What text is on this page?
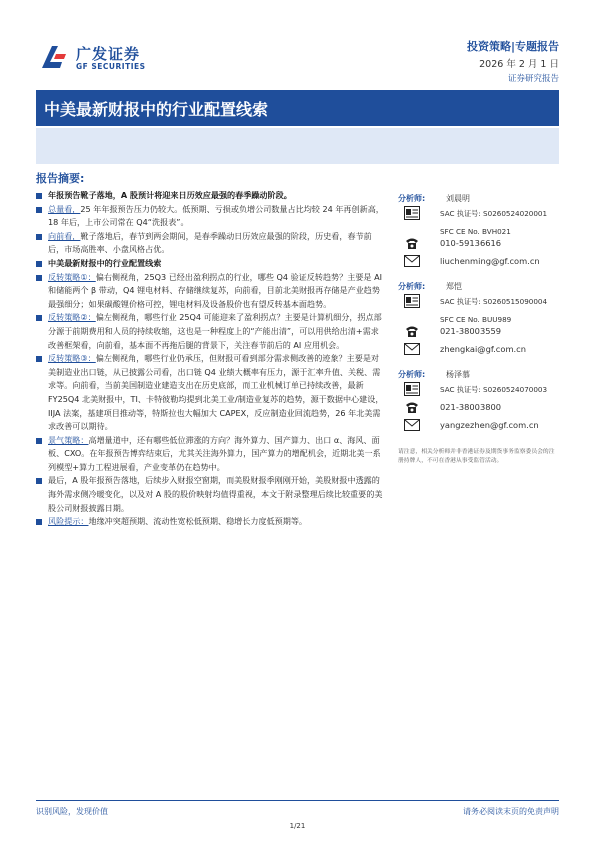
广发证券
GF SECURITIES
投资策略|专题报告
2026 年 2 月 1 日
证券研究报告
中美最新财报中的行业配置线索
报告摘要:
年报预告靴子落地，A 股预计将迎来日历效应最强的春季躁动阶段。
总量看，25 年年报预告压力仍较大。低预期、亏损或负增公司数量占比均较 24 年再创新高，18 年后，上市公司常在 Q4“洗报表”。
向前看，靴子落地后，春节到两会期间，是春季躁动日历效应最强的阶段，历史看，春节前后，市场高胜率、小盘风格占优。
中美最新财报中的行业配置线索
反转策略①：偏右侧视角，25Q3 已经出盈利拐点的行业，哪些 Q4 验证反转趋势？主要是 AI 和储能两个 β 带动，Q4 锂电材料、存储继续复苏，向前看，目前北美财报再存储是产业趋势最强细分；如果碳酸锂价格可控，锂电材料及设备股价也有望反转基本面趋势。
反转策略②：偏左侧视角，哪些行业 25Q4 可能迎来了盈利拐点？主要是计算机细分，拐点部分源于前期费用和人员的持续收缩，这也是一种程度上的“产能出清”，可以用供给出清+需求改善框架看，向前看，基本面不再拖后腿的背景下，关注春节前后的 AI 应用机会。
反转策略③：偏左侧视角，哪些行业仍承压，但财报可看到部分需求侧改善的迹象？主要是对美制造业出口链，从已披露公司看，出口链 Q4 业绩大概率有压力，源于汇率升值、关税、需求等。向前看，当前美国制造业建造支出在历史底部，而工业机械订单已持续改善，最新 FY25Q4 北美财报中，TI、卡特彼勒均提到北美工业/制造业复苏的趋势，源于数据中心建设，IIJA 法案，基建项目推动等，特斯拉也大幅加大 CAPEX，反应制造业回流趋势，26 年北美需求改善可以期待。
景气策略：高增量道中，还有哪些低位滞涨的方向？海外算力、国产算力、出口 α、海风、面板、CXO。在年报预告博弈结束后，尤其关注海外算力，国产算力的增配机会，近期北美一系列模型+算力工程进展看，产业变革仍在趋势中。
最后，A 股年报预告落地，后续步入财报空窗期，而美股财报季刚刚开始，美股财报中透露的海外需求侧冷暖变化，以及对 A 股的股价映射均值得重视，本文于附录整理后续比较重要的美股公司财报披露日期。
风险提示：地缘冲突超预期、流动性宽松低预期、稳增长力度低预期等。
分析师:	刘晨明
SAC 执证号: S0260524020001
SFC CE No. BVH021
010-59136616
liuchenming@gf.com.cn
分析师:	郑恺
SAC 执证号: S0260515090004
SFC CE No. BUU989
021-38003559
zhengkai@gf.com.cn
分析师:	杨泽慕
SAC 执证号: S0260524070003
021-38003800
yangzezhen@gf.com.cn
请注意，相关分析师并非香港证券及期货事务监察委员会的注册持牌人，不可在香港从事受监管活动。
识别风险，发现价值	请务必阅读末页的免责声明
1/21
